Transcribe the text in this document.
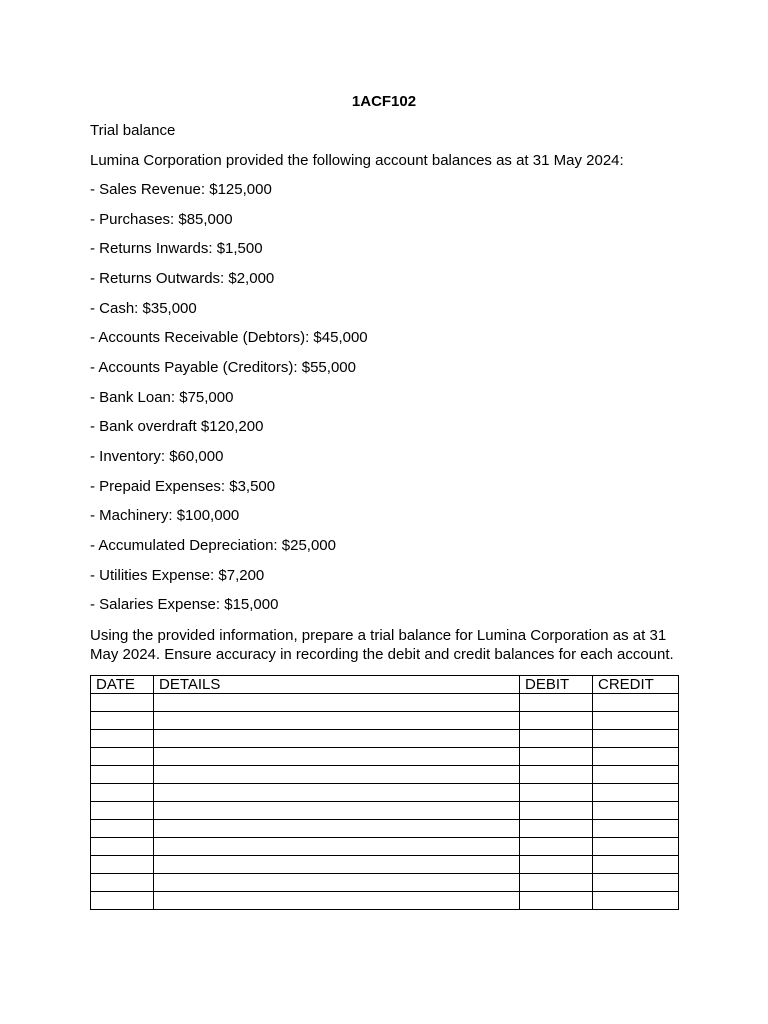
1ACF102
Trial balance
Lumina Corporation provided the following account balances as at 31 May 2024:
- Sales Revenue: $125,000
- Purchases: $85,000
- Returns Inwards: $1,500
- Returns Outwards: $2,000
- Cash: $35,000
- Accounts Receivable (Debtors): $45,000
- Accounts Payable (Creditors): $55,000
- Bank Loan: $75,000
- Bank overdraft $120,200
- Inventory: $60,000
- Prepaid Expenses: $3,500
- Machinery: $100,000
- Accumulated Depreciation: $25,000
- Utilities Expense: $7,200
- Salaries Expense: $15,000
Using the provided information, prepare a trial balance for Lumina Corporation as at 31 May 2024. Ensure accuracy in recording the debit and credit balances for each account.
DATE	DETAILS	DEBIT	CREDIT
